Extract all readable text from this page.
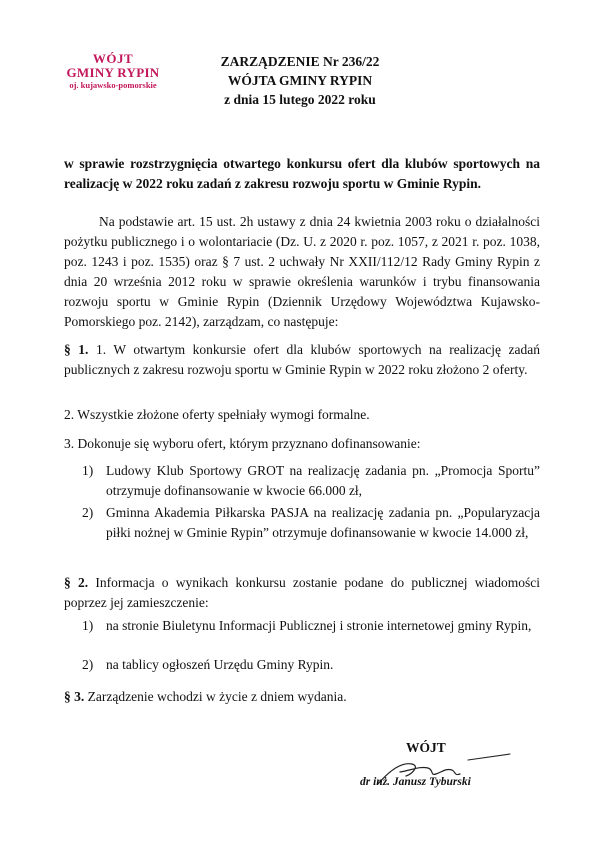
WÓJT
GMINY RYPIN
oj. kujawsko-pomorskie
ZARZĄDZENIE Nr 236/22
WÓJTA GMINY RYPIN
z dnia 15 lutego 2022 roku
w sprawie rozstrzygnięcia otwartego konkursu ofert dla klubów sportowych na realizację w 2022 roku zadań z zakresu rozwoju sportu w Gminie Rypin.

Na podstawie art. 15 ust. 2h ustawy z dnia 24 kwietnia 2003 roku o działalności pożytku publicznego i o wolontariacie (Dz. U. z 2020 r. poz. 1057, z 2021 r. poz. 1038, poz. 1243 i poz. 1535) oraz § 7 ust. 2 uchwały Nr XXII/112/12 Rady Gminy Rypin z dnia 20 września 2012 roku w sprawie określenia warunków i trybu finansowania rozwoju sportu w Gminie Rypin (Dziennik Urzędowy Województwa Kujawsko-Pomorskiego poz. 2142), zarządzam, co następuje:

§ 1. 1. W otwartym konkursie ofert dla klubów sportowych na realizację zadań publicznych z zakresu rozwoju sportu w Gminie Rypin w 2022 roku złożono 2 oferty.

2. Wszystkie złożone oferty spełniały wymogi formalne.

3. Dokonuje się wyboru ofert, którym przyznano dofinansowanie:

1) Ludowy Klub Sportowy GROT na realizację zadania pn. „Promocja Sportu” otrzymuje dofinansowanie w kwocie 66.000 zł,
2) Gminna Akademia Piłkarska PASJA na realizację zadania pn. „Popularyzacja piłki nożnej w Gminie Rypin” otrzymuje dofinansowanie w kwocie 14.000 zł,

§ 2. Informacja o wynikach konkursu zostanie podane do publicznej wiadomości poprzez jej zamieszczenie:

1) na stronie Biuletynu Informacji Publicznej i stronie internetowej gminy Rypin,
2) na tablicy ogłoszeń Urzędu Gminy Rypin.

§ 3. Zarządzenie wchodzi w życie z dniem wydania.

WÓJT
dr inż. Janusz Tyburski
